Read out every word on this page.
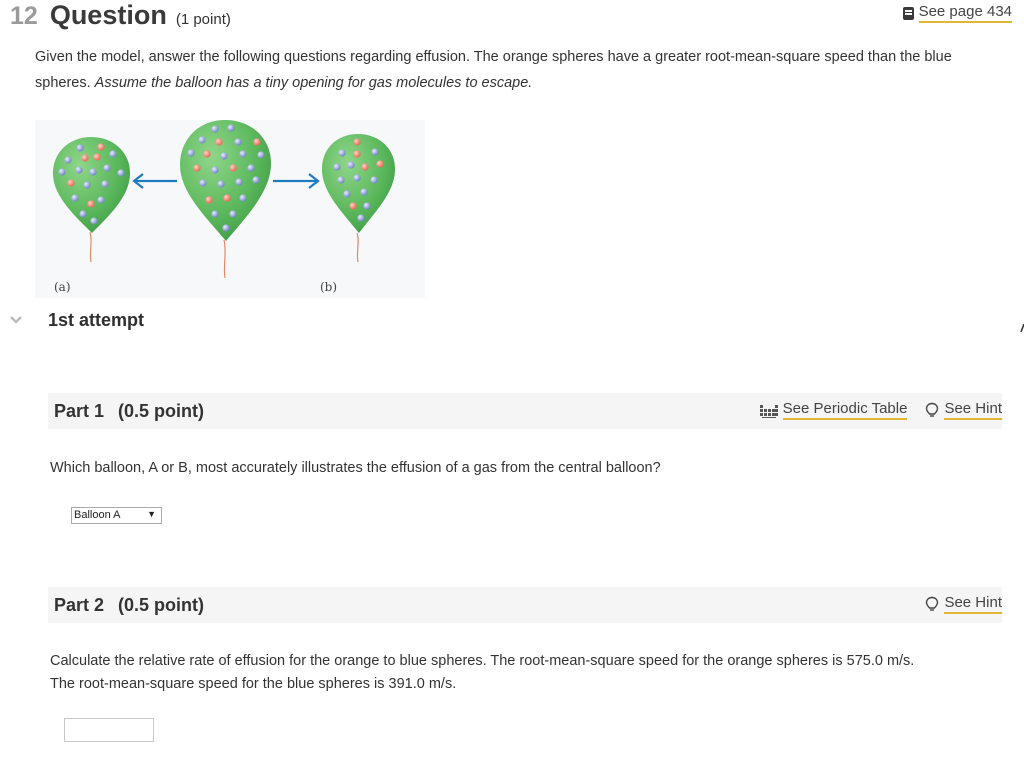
12 Question (1 point)	See page 434
Given the model, answer the following questions regarding effusion. The orange spheres have a greater root-mean-square speed than the blue spheres. Assume the balloon has a tiny opening for gas molecules to escape.
(a)	(b)
1st attempt
Part 1 (0.5 point)	See Periodic Table See Hint
Which balloon, A or B, most accurately illustrates the effusion of a gas from the central balloon?
Balloon A	▼
Part 2 (0.5 point)	See Hint
Calculate the relative rate of effusion for the orange to blue spheres. The root-mean-square speed for the orange spheres is 575.0 m/s.
The root-mean-square speed for the blue spheres is 391.0 m/s.
